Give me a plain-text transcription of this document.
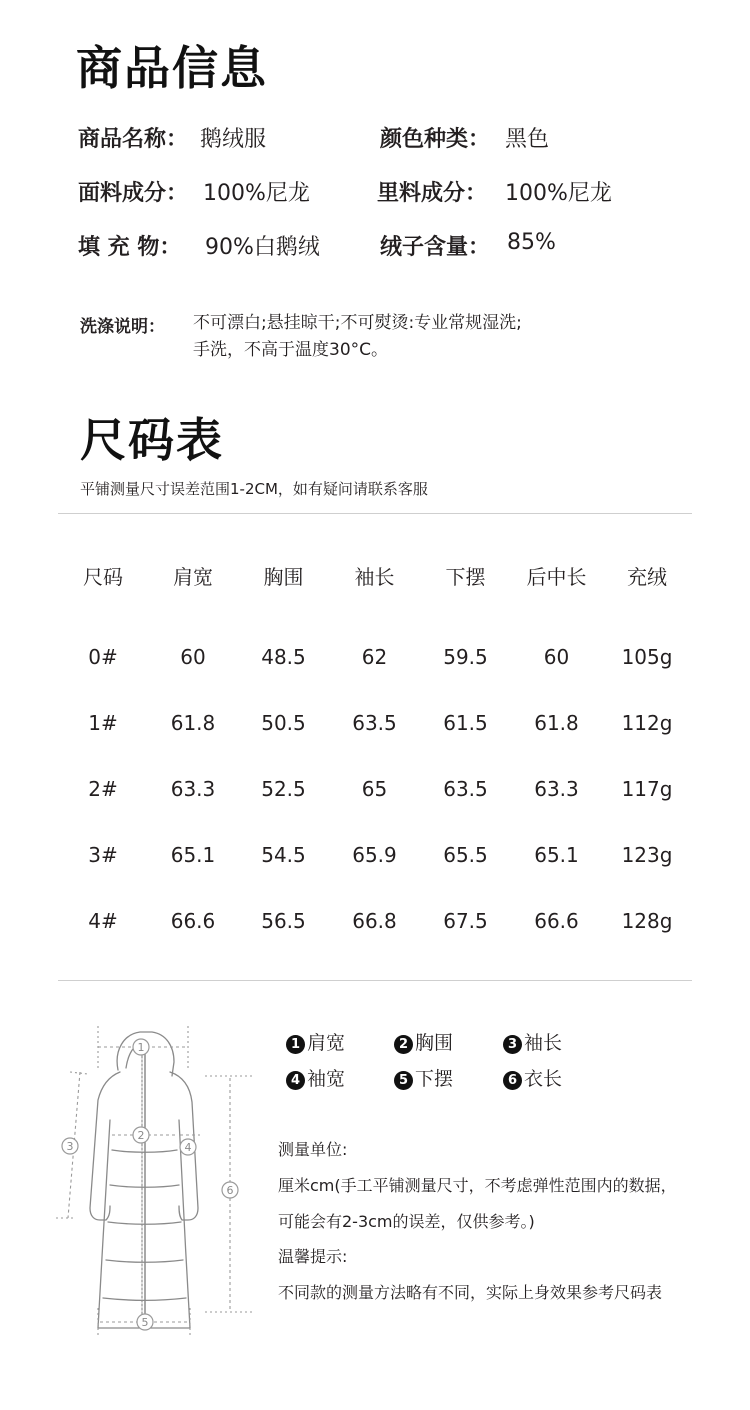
商品信息
商品名称： 鹅绒服	颜色种类： 黑色
面料成分： 100%尼龙	里料成分： 100%尼龙
填 充 物： 90%白鹅绒	绒子含量： 85%
洗涤说明： 不可漂白;悬挂晾干;不可熨烫:专业常规湿洗;
手洗，不高于温度30°C。
尺码表
平铺测量尺寸误差范围1-2CM，如有疑问请联系客服
尺码	肩宽	胸围	袖长	下摆	后中长	充绒
0#	60	48.5	62	59.5	60	105g
1#	61.8	50.5	63.5	61.5	61.8	112g
2#	63.3	52.5	65	63.5	63.3	117g
3#	65.1	54.5	65.9	65.5	65.1	123g
4#	66.6	56.5	66.8	67.5	66.6	128g
1
2
3	4
5
6
1 肩宽	2 胸围	3 袖长
4 袖宽	5 下摆	6 衣长
测量单位:
厘米cm(手工平铺测量尺寸，不考虑弹性范围内的数据，
可能会有2-3cm的误差，仅供参考。)
温馨提示:
不同款的测量方法略有不同，实际上身效果参考尺码表
